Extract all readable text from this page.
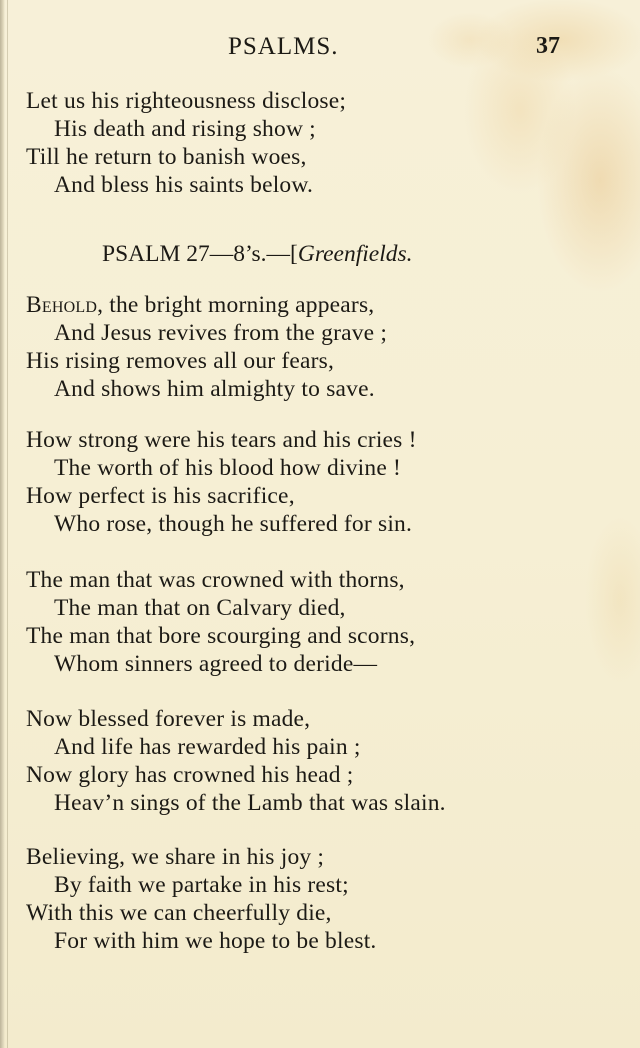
PSALMS.	37
Let us his righteousness disclose;
His death and rising show ;
Till he return to banish woes,
And bless his saints below.
PSALM 27—8’s.—[Greenfields.
Behold, the bright morning appears,
And Jesus revives from the grave ;
His rising removes all our fears,
And shows him almighty to save.
How strong were his tears and his cries !
The worth of his blood how divine !
How perfect is his sacrifice,
Who rose, though he suffered for sin.
The man that was crowned with thorns,
The man that on Calvary died,
The man that bore scourging and scorns,
Whom sinners agreed to deride—
Now blessed forever is made,
And life has rewarded his pain ;
Now glory has crowned his head ;
Heav’n sings of the Lamb that was slain.
Believing, we share in his joy ;
By faith we partake in his rest;
With this we can cheerfully die,
For with him we hope to be blest.
